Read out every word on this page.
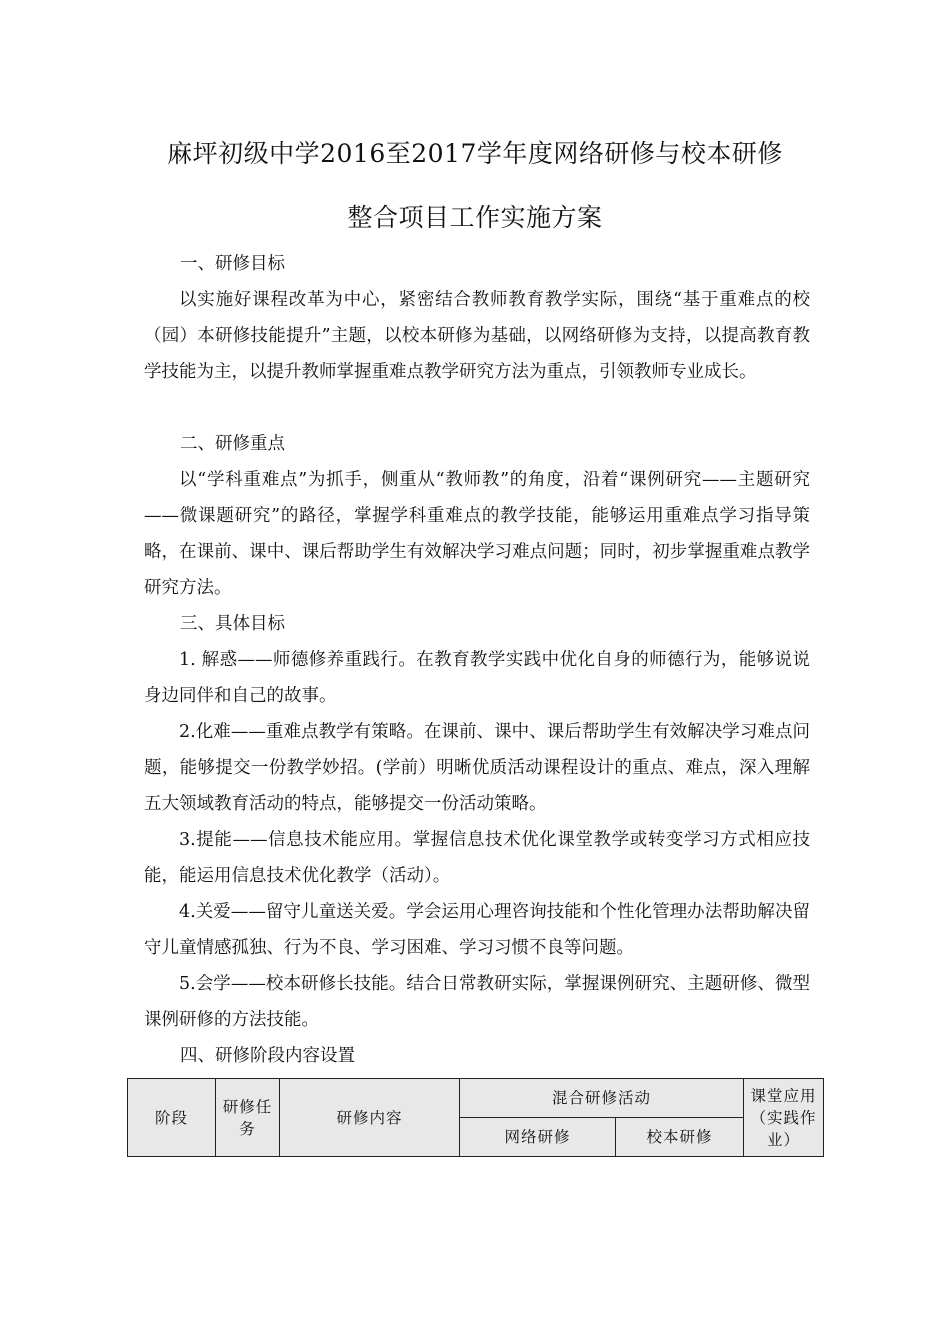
麻坪初级中学2016至2017学年度网络研修与校本研修
整合项目工作实施方案

一、研修目标

以实施好课程改革为中心，紧密结合教师教育教学实际，围绕“基于重难点的校（园）本研修技能提升”主题，以校本研修为基础，以网络研修为支持，以提高教育教学技能为主，以提升教师掌握重难点教学研究方法为重点，引领教师专业成长。

二、研修重点

以“学科重难点”为抓手，侧重从“教师教”的角度，沿着“课例研究——主题研究——微课题研究”的路径，掌握学科重难点的教学技能，能够运用重难点学习指导策略，在课前、课中、课后帮助学生有效解决学习难点问题；同时，初步掌握重难点教学研究方法。

三、具体目标

1. 解惑——师德修养重践行。在教育教学实践中优化自身的师德行为，能够说说身边同伴和自己的故事。

2.化难——重难点教学有策略。在课前、课中、课后帮助学生有效解决学习难点问题，能够提交一份教学妙招。(学前）明晰优质活动课程设计的重点、难点，深入理解五大领域教育活动的特点，能够提交一份活动策略。

3.提能——信息技术能应用。掌握信息技术优化课堂教学或转变学习方式相应技能，能运用信息技术优化教学（活动）。

4.关爱——留守儿童送关爱。学会运用心理咨询技能和个性化管理办法帮助解决留守儿童情感孤独、行为不良、学习困难、学习习惯不良等问题。

5.会学——校本研修长技能。结合日常教研实际，掌握课例研究、主题研修、微型课例研修的方法技能。

四、研修阶段内容设置

阶段	研修任务	研修内容	混合研修活动		课堂应用（实践作业）
			网络研修	校本研修	
